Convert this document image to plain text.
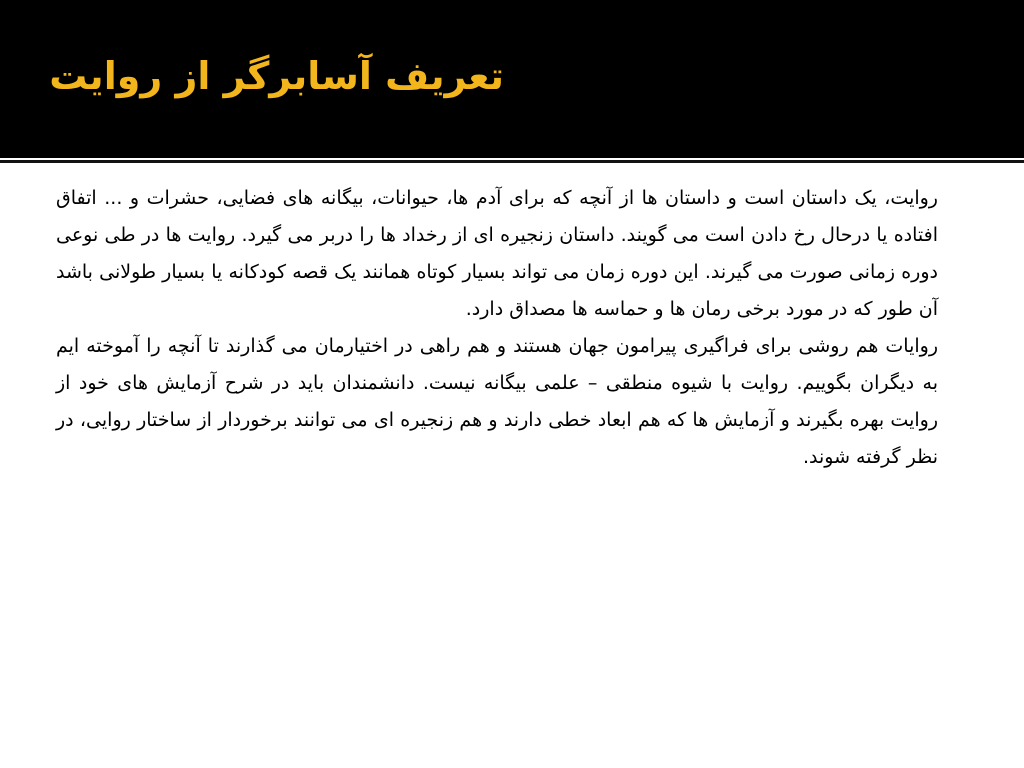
تعریف آسابرگر از روایت

روایت، یک داستان است و داستان ها از آنچه که برای آدم ها، حیوانات، بیگانه های فضایی، حشرات و ... اتفاق افتاده یا درحال رخ دادن است می گویند. داستان زنجیره ای از رخداد ها را دربر می گیرد. روایت ها در طی نوعی دوره زمانی صورت می گیرند. این دوره زمان می تواند بسیار کوتاه همانند یک قصه کودکانه یا بسیار طولانی باشد آن طور که در مورد برخی رمان ها و حماسه ها مصداق دارد.

روایات هم روشی برای فراگیری پیرامون جهان هستند و هم راهی در اختیارمان می گذارند تا آنچه را آموخته ایم به دیگران بگوییم. روایت با شیوه منطقی – علمی بیگانه نیست. دانشمندان باید در شرح آزمایش های خود از روایت بهره بگیرند و آزمایش ها که هم ابعاد خطی دارند و هم زنجیره ای می توانند برخوردار از ساختار روایی، در نظر گرفته شوند.
